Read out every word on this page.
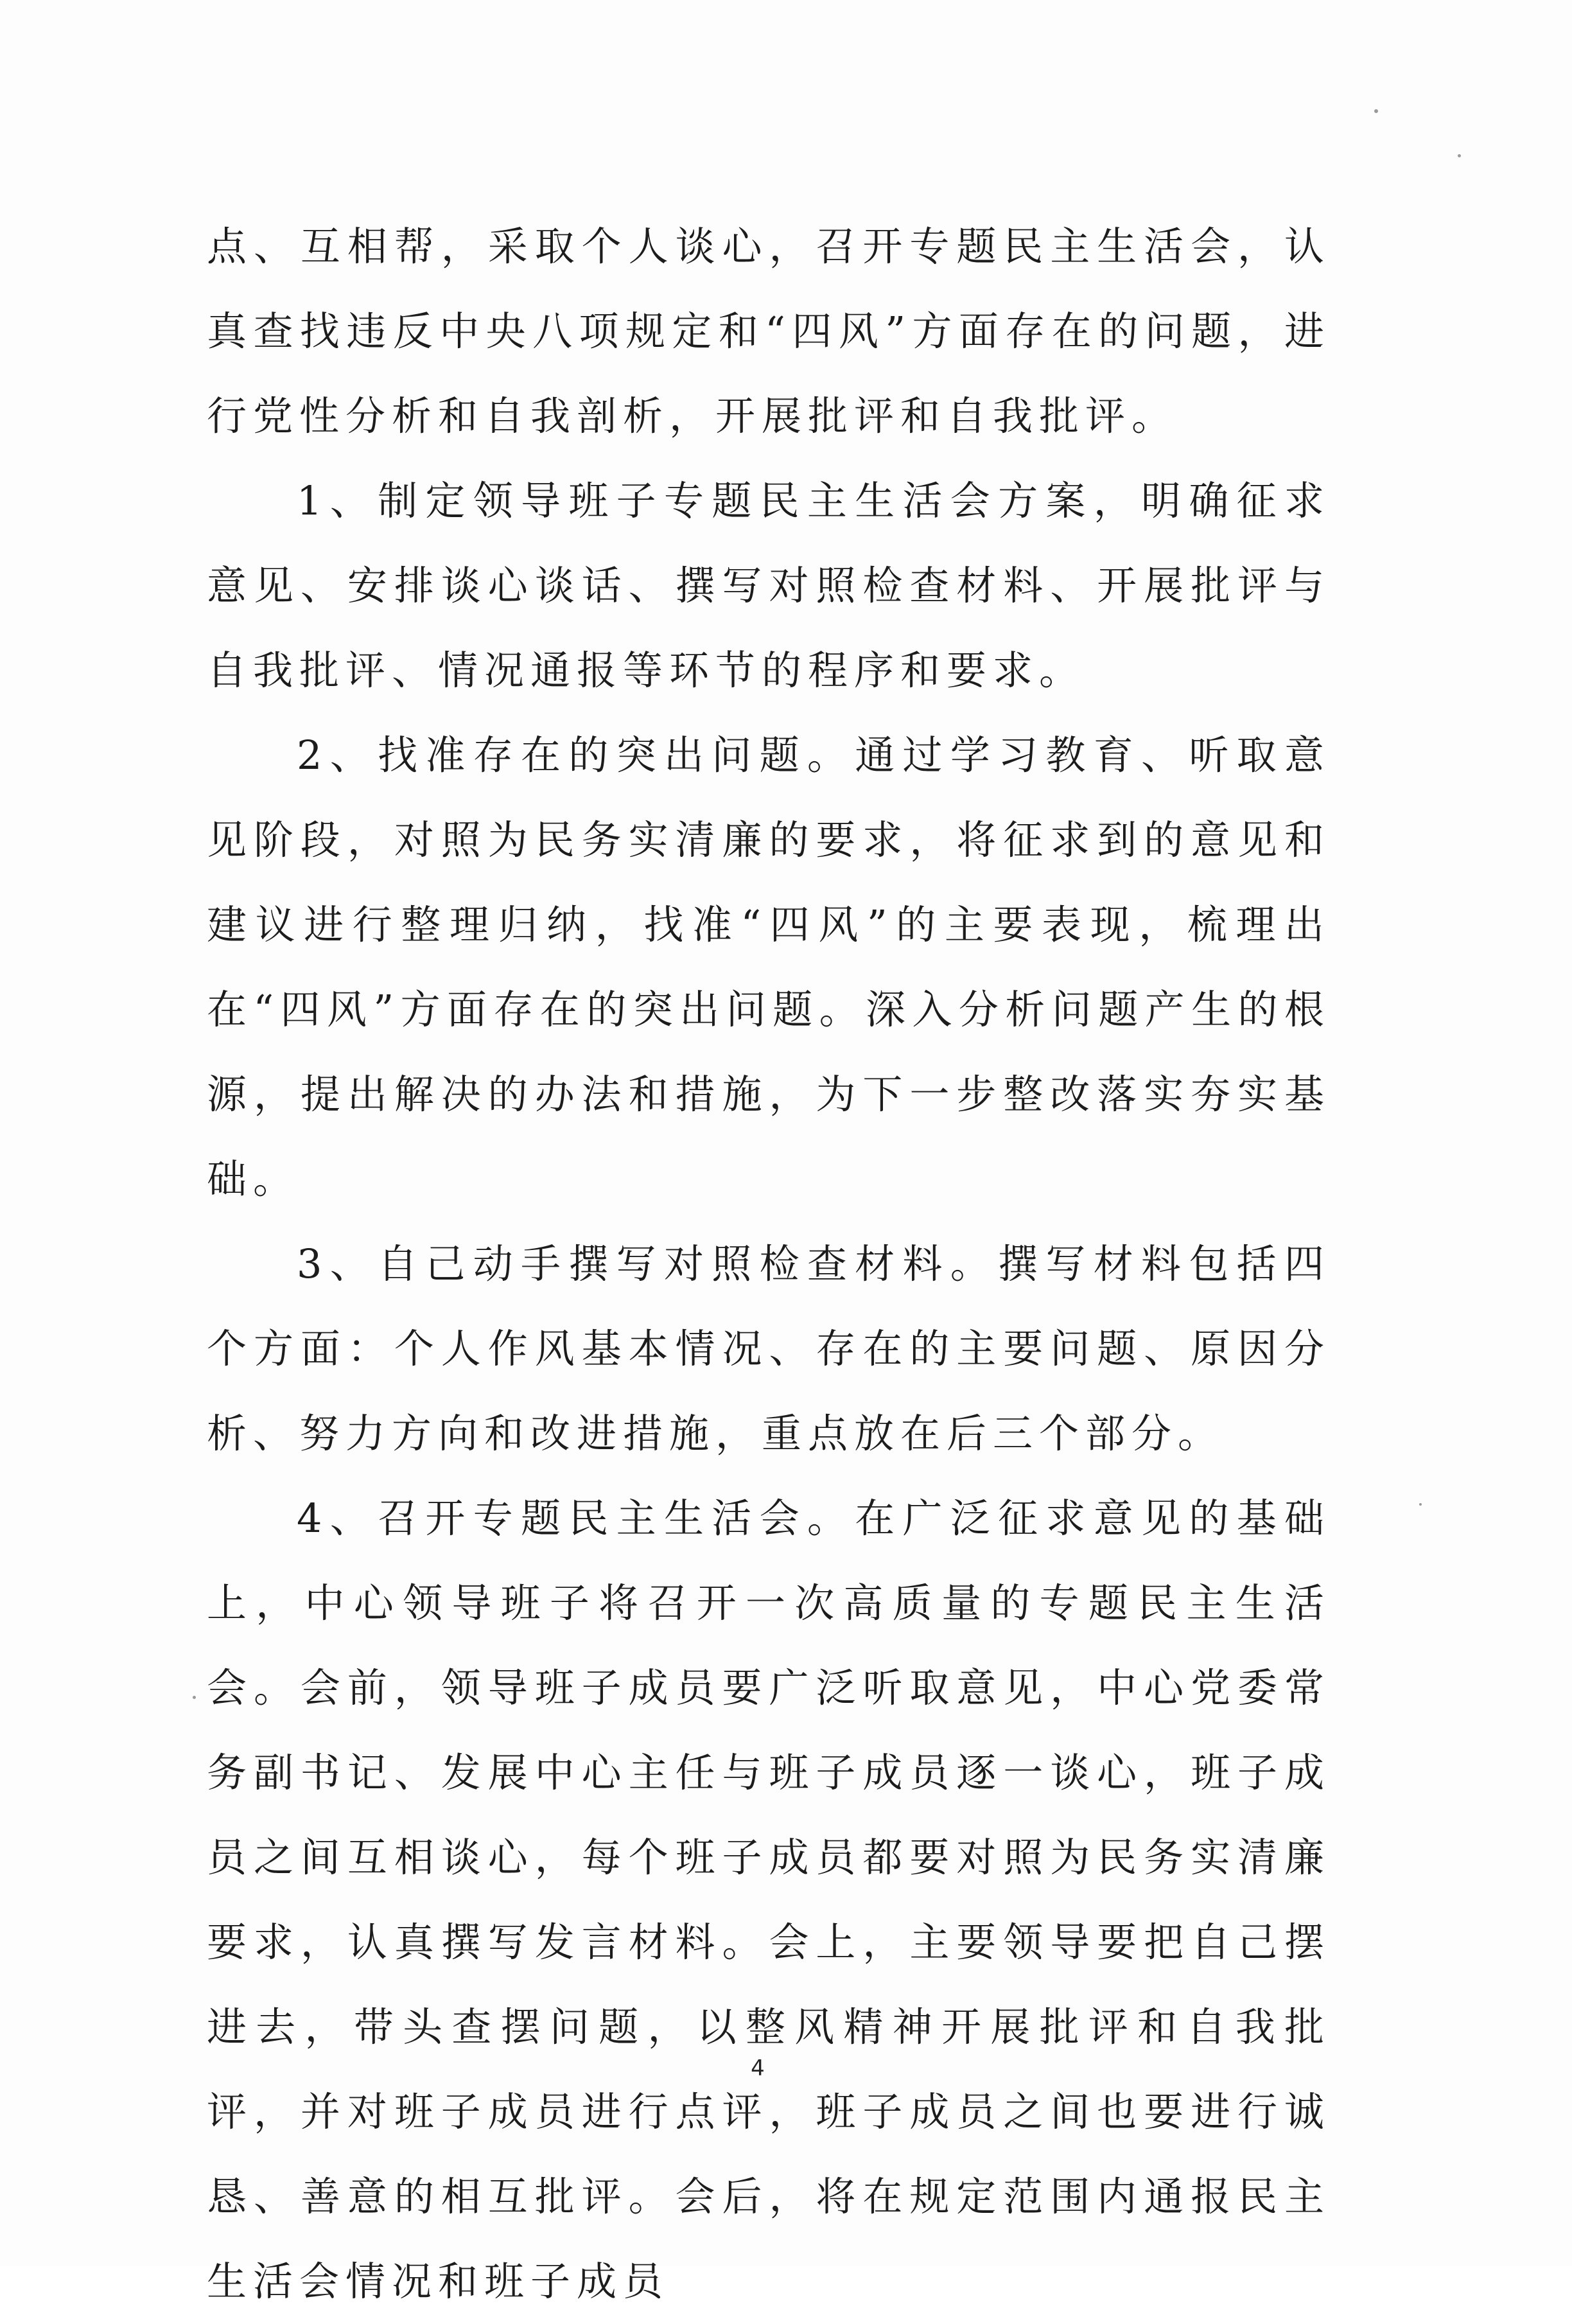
点、互相帮，采取个人谈心，召开专题民主生活会，认真查找违反中央八项规定和“四风”方面存在的问题，进行党性分析和自我剖析，开展批评和自我批评。

1、制定领导班子专题民主生活会方案，明确征求意见、安排谈心谈话、撰写对照检查材料、开展批评与自我批评、情况通报等环节的程序和要求。

2、找准存在的突出问题。通过学习教育、听取意见阶段，对照为民务实清廉的要求，将征求到的意见和建议进行整理归纳，找准“四风”的主要表现，梳理出在“四风”方面存在的突出问题。深入分析问题产生的根源，提出解决的办法和措施，为下一步整改落实夯实基础。

3、自己动手撰写对照检查材料。撰写材料包括四个方面：个人作风基本情况、存在的主要问题、原因分析、努力方向和改进措施，重点放在后三个部分。

4、召开专题民主生活会。在广泛征求意见的基础上，中心领导班子将召开一次高质量的专题民主生活会。会前，领导班子成员要广泛听取意见，中心党委常务副书记、发展中心主任与班子成员逐一谈心，班子成员之间互相谈心，每个班子成员都要对照为民务实清廉要求，认真撰写发言材料。会上，主要领导要把自己摆进去，带头查摆问题，以整风精神开展批评和自我批评，并对班子成员进行点评，班子成员之间也要进行诚恳、善意的相互批评。会后，将在规定范围内通报民主生活会情况和班子成员

4
